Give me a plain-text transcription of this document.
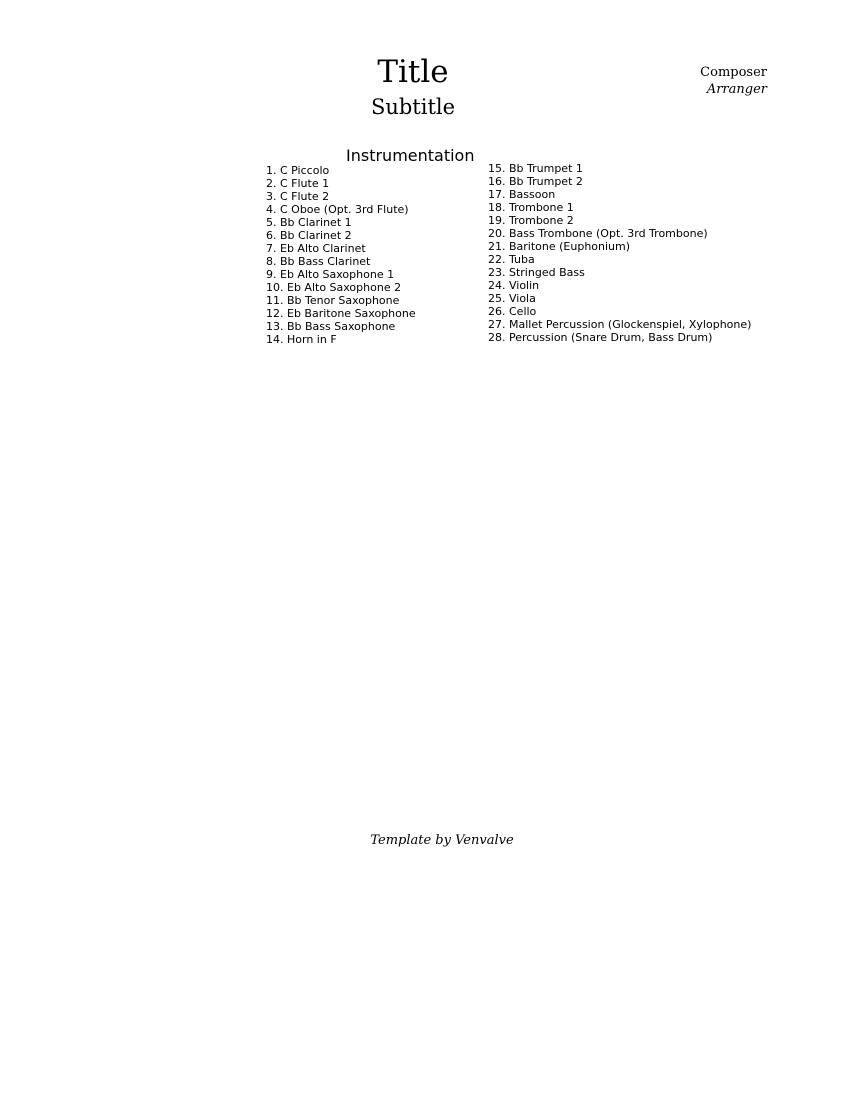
Title
Subtitle
Composer
Arranger
Instrumentation
1. C Piccolo
2. C Flute 1
3. C Flute 2
4. C Oboe (Opt. 3rd Flute)
5. Bb Clarinet 1
6. Bb Clarinet 2
7. Eb Alto Clarinet
8. Bb Bass Clarinet
9. Eb Alto Saxophone 1
10. Eb Alto Saxophone 2
11. Bb Tenor Saxophone
12. Eb Baritone Saxophone
13. Bb Bass Saxophone
14. Horn in F
15. Bb Trumpet 1
16. Bb Trumpet 2
17. Bassoon
18. Trombone 1
19. Trombone 2
20. Bass Trombone (Opt. 3rd Trombone)
21. Baritone (Euphonium)
22. Tuba
23. Stringed Bass
24. Violin
25. Viola
26. Cello
27. Mallet Percussion (Glockenspiel, Xylophone)
28. Percussion (Snare Drum, Bass Drum)
Template by Venvalve
